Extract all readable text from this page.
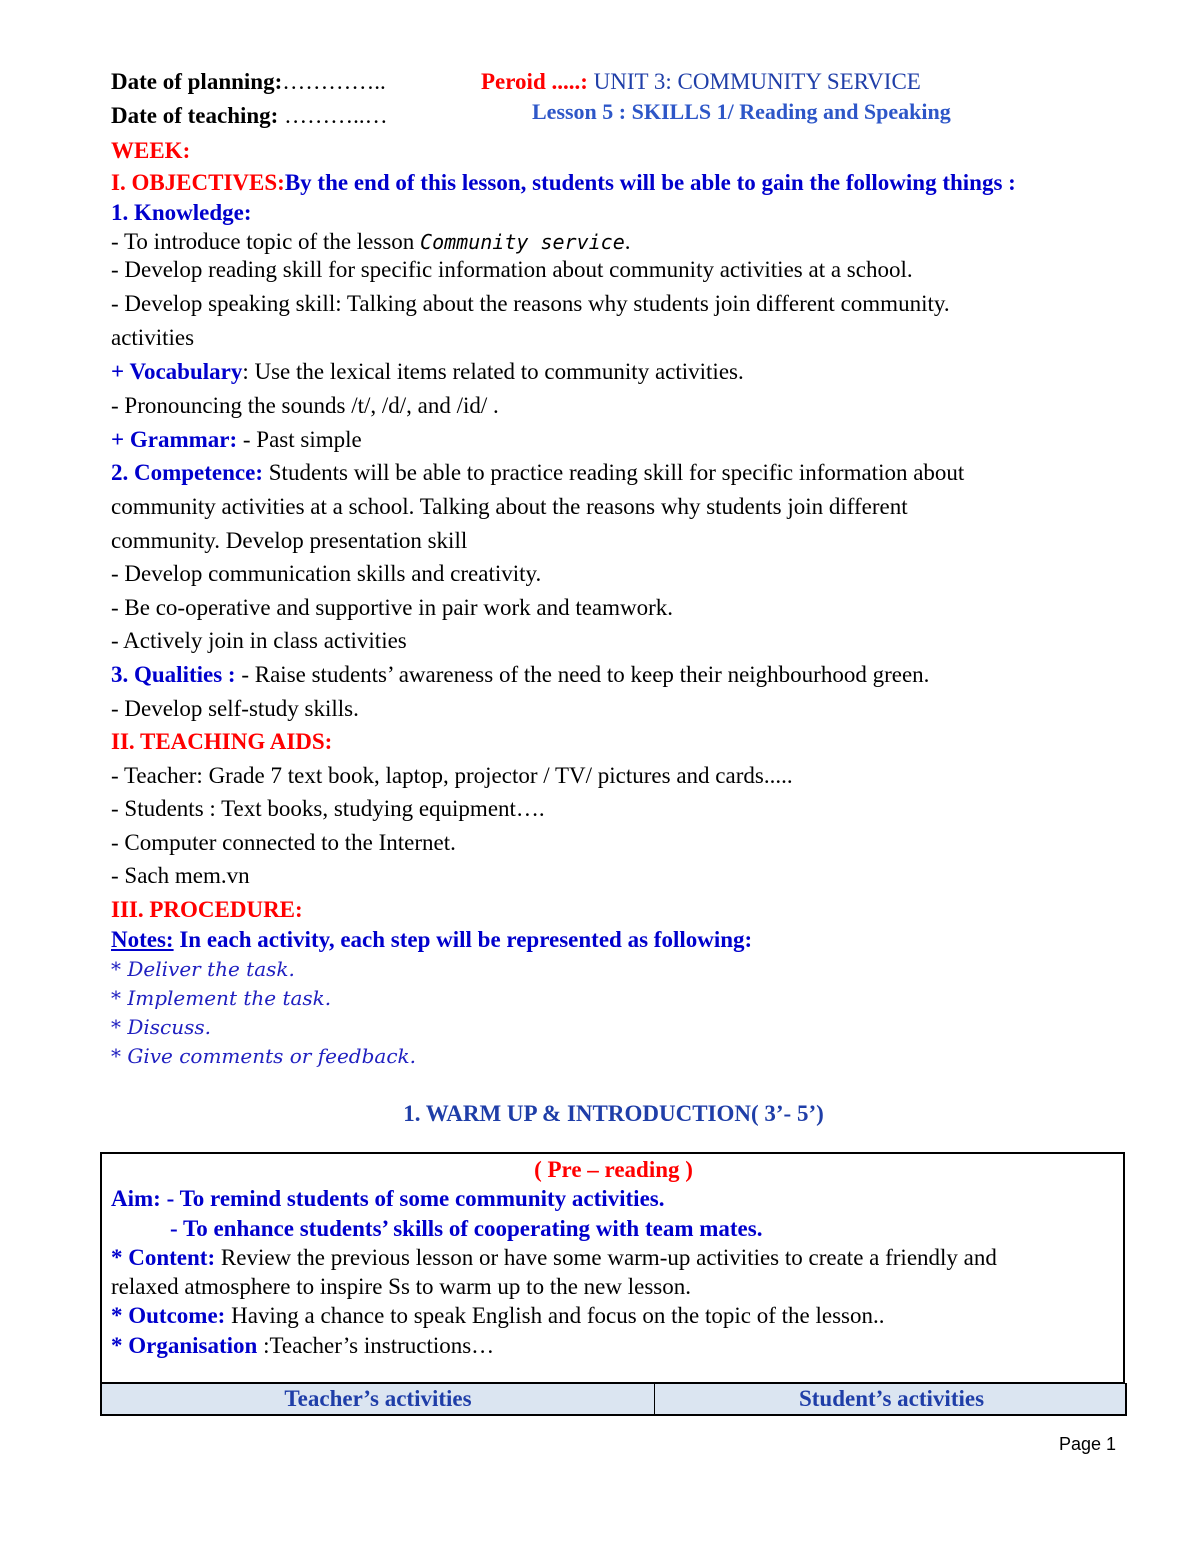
Date of planning:…………..
Date of teaching: ………..…
Peroid .....: UNIT 3: COMMUNITY SERVICE
Lesson 5 : SKILLS 1/ Reading and Speaking
WEEK:
I. OBJECTIVES:By the end of this lesson, students will be able to gain the following things :
1. Knowledge:
- To introduce topic of the lesson Community service.
- Develop reading skill for specific information about community activities at a school.
- Develop speaking skill: Talking about the reasons why students join different community.
activities
+ Vocabulary: Use the lexical items related to community activities.
- Pronouncing the sounds /t/, /d/, and /id/ .
+ Grammar: - Past simple
2. Competence: Students will be able to practice reading skill for specific information about
community activities at a school. Talking about the reasons why students join different
community. Develop presentation skill
- Develop communication skills and creativity.
- Be co-operative and supportive in pair work and teamwork.
- Actively join in class activities
3. Qualities : - Raise students’ awareness of the need to keep their neighbourhood green.
- Develop self-study skills.
II. TEACHING AIDS:
- Teacher: Grade 7 text book, laptop, projector / TV/ pictures and cards.....
- Students : Text books, studying equipment….
- Computer connected to the Internet.
- Sach mem.vn
III. PROCEDURE:
Notes: In each activity, each step will be represented as following:
* Deliver the task.
* Implement the task.
* Discuss.
* Give comments or feedback.
1. WARM UP & INTRODUCTION( 3’- 5’)
( Pre – reading )
Aim: - To remind students of some community activities.
- To enhance students’ skills of cooperating with team mates.
* Content: Review the previous lesson or have some warm-up activities to create a friendly and
relaxed atmosphere to inspire Ss to warm up to the new lesson.
* Outcome: Having a chance to speak English and focus on the topic of the lesson..
* Organisation :Teacher’s instructions…
Teacher’s activities	Student’s activities
Page 1
